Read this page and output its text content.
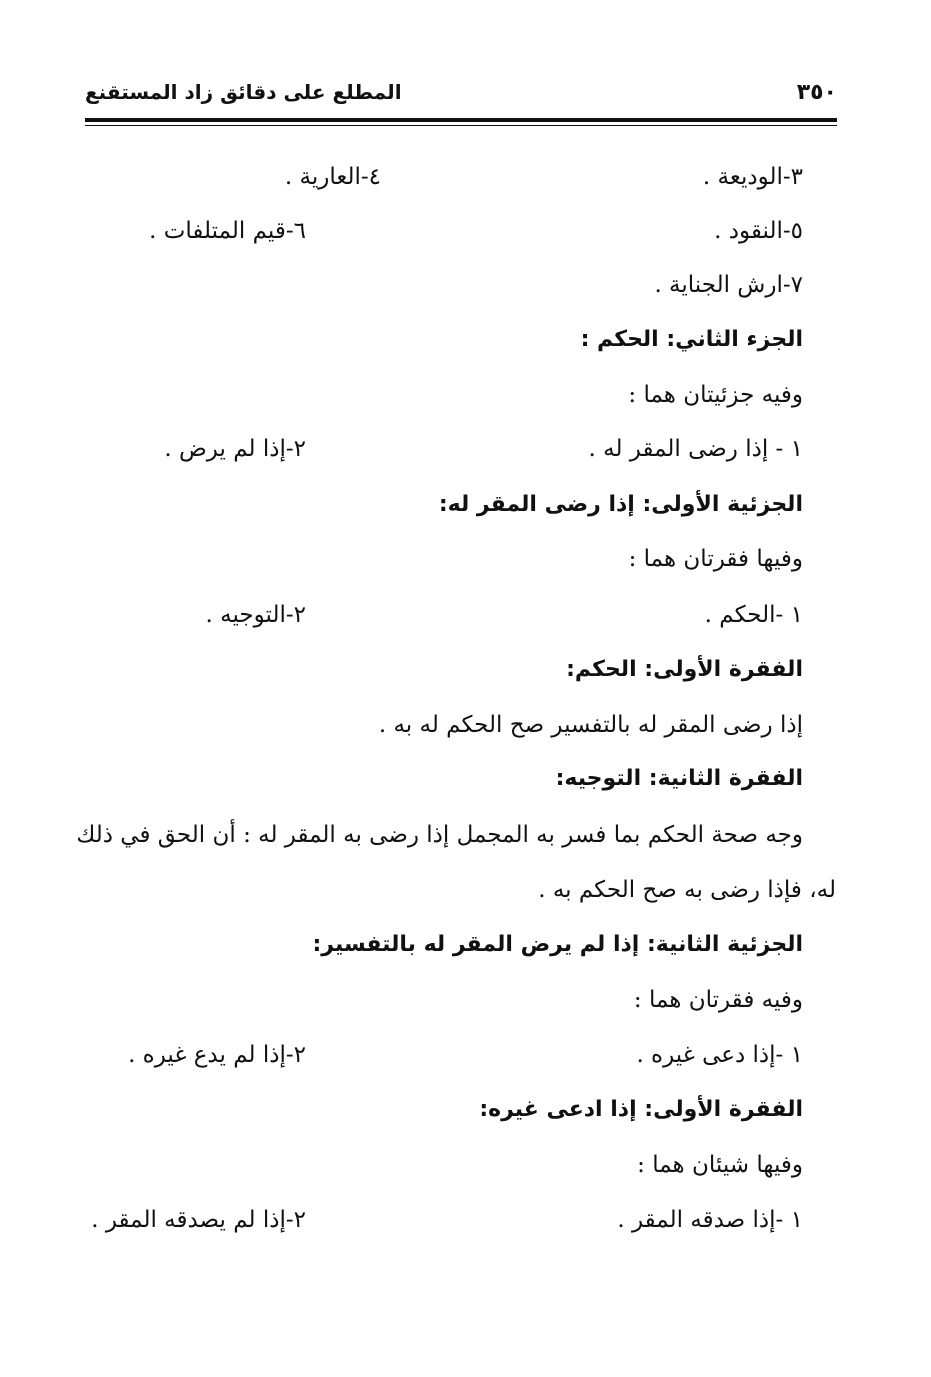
٣٥٠
المطلع على دقائق زاد المستقنع
٣-الوديعة .
٤-العارية .
٥-النقود .
٦-قيم المتلفات .
٧-ارش الجناية .
الجزء الثاني: الحكم :
وفيه جزئيتان هما :
١ - إذا رضى المقر له .
٢-إذا لم يرض .
الجزئية الأولى: إذا رضى المقر له:
وفيها فقرتان هما :
١ -الحكم .
٢-التوجيه .
الفقرة الأولى: الحكم:
إذا رضى المقر له بالتفسير صح الحكم له به .
الفقرة الثانية: التوجيه:
وجه صحة الحكم بما فسر به المجمل إذا رضى به المقر له : أن الحق في ذلك
له، فإذا رضى به صح الحكم به .
الجزئية الثانية: إذا لم يرض المقر له بالتفسير:
وفيه فقرتان هما :
١ -إذا دعى غيره .
٢-إذا لم يدع غيره .
الفقرة الأولى: إذا ادعى غيره:
وفيها شيئان هما :
١ -إذا صدقه المقر .
٢-إذا لم يصدقه المقر .
